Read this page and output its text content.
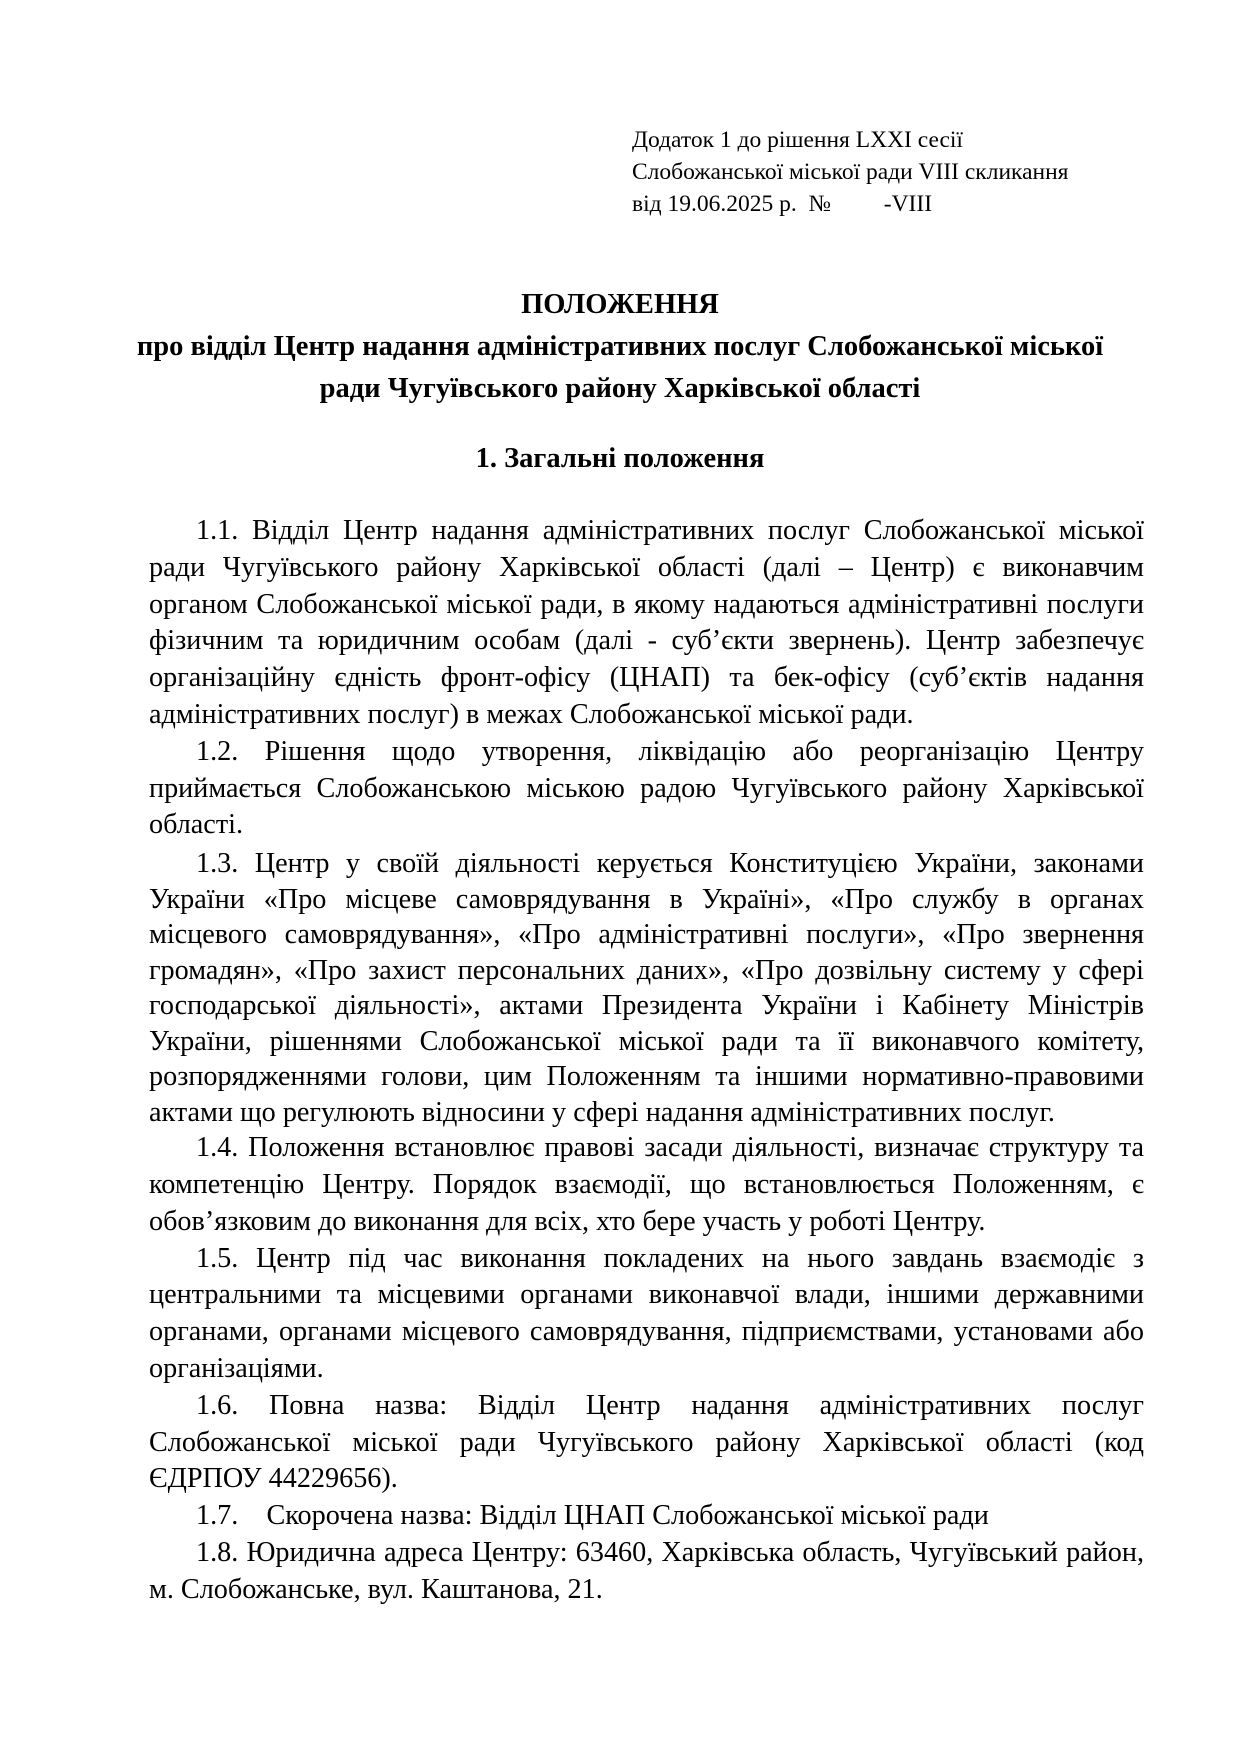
Додаток 1 до рішення LXXI сесії
Слобожанської міської ради VIII скликання
від 19.06.2025 р.  №         -VIII
ПОЛОЖЕННЯ
про відділ Центр надання адміністративних послуг Слобожанської міської
ради Чугуївського району Харківської області
1. Загальні положення

1.1. Відділ Центр надання адміністративних послуг Слобожанської міської ради Чугуївського району Харківської області (далі – Центр) є виконавчим органом Слобожанської міської ради, в якому надаються адміністративні послуги фізичним та юридичним особам (далі - суб’єкти звернень). Центр забезпечує організаційну єдність фронт-офісу (ЦНАП) та бек-офісу (суб’єктів надання адміністративних послуг) в межах Слобожанської міської ради.

1.2. Рішення щодо утворення, ліквідацію або реорганізацію Центру приймається Слобожанською міською радою Чугуївського району Харківської області.

1.3. Центр у своїй діяльності керується Конституцією України, законами України «Про місцеве самоврядування в Україні», «Про службу в органах місцевого самоврядування», «Про адміністративні послуги», «Про звернення громадян», «Про захист персональних даних», «Про дозвільну систему у сфері господарської діяльності», актами Президента України і Кабінету Міністрів України, рішеннями Слобожанської міської ради та її виконавчого комітету, розпорядженнями голови, цим Положенням та іншими нормативно-правовими актами що регулюють відносини у сфері надання адміністративних послуг.

1.4. Положення встановлює правові засади діяльності, визначає структуру та компетенцію Центру. Порядок взаємодії, що встановлюється Положенням, є обов’язковим до виконання для всіх, хто бере участь у роботі Центру.

1.5. Центр під час виконання покладених на нього завдань взаємодіє з центральними та місцевими органами виконавчої влади, іншими державними органами, органами місцевого самоврядування, підприємствами, установами або організаціями.

1.6. Повна назва: Відділ Центр надання адміністративних послуг Слобожанської міської ради Чугуївського району Харківської області (код ЄДРПОУ 44229656).

1.7.    Скорочена назва: Відділ ЦНАП Слобожанської міської ради

1.8. Юридична адреса Центру: 63460, Харківська область, Чугуївський район, м. Слобожанське, вул. Каштанова, 21.
